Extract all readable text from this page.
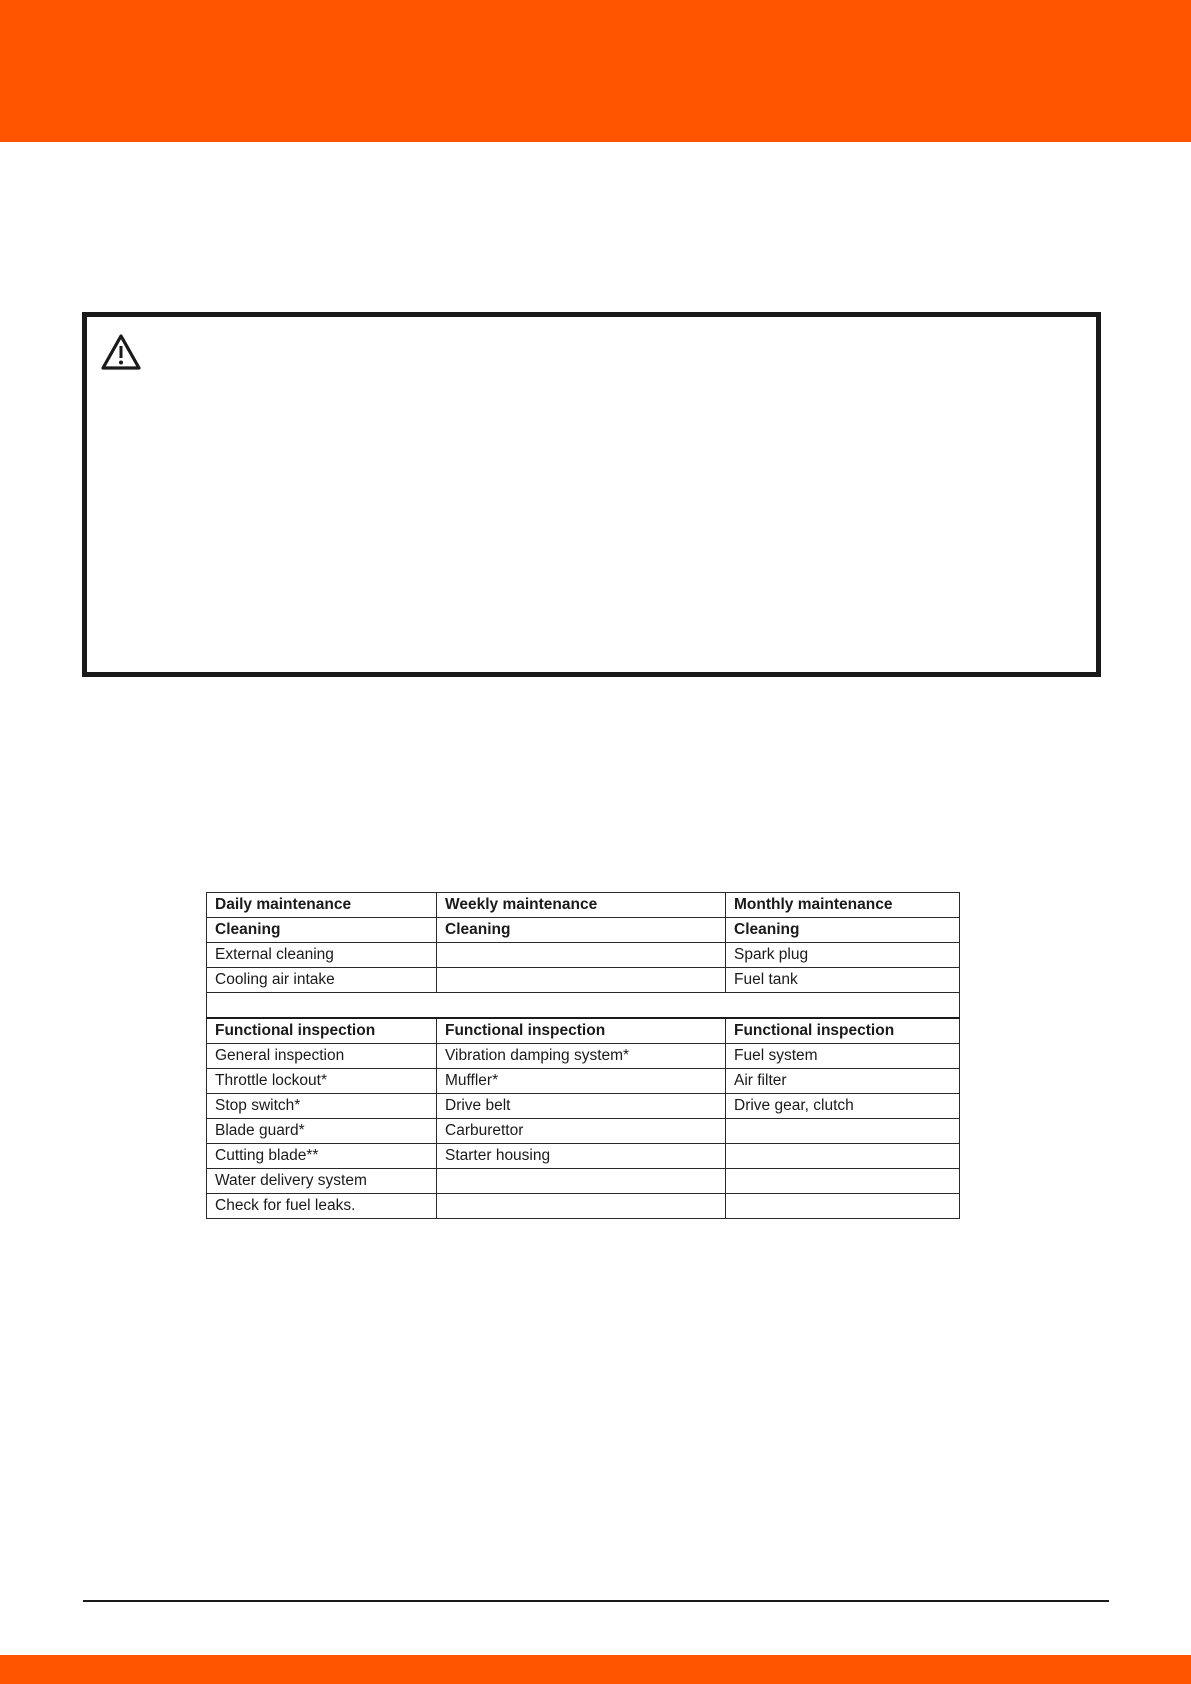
Daily maintenance	Weekly maintenance	Monthly maintenance
Cleaning	Cleaning	Cleaning
External cleaning		Spark plug
Cooling air intake		Fuel tank

Functional inspection	Functional inspection	Functional inspection
General inspection	Vibration damping system*	Fuel system
Throttle lockout*	Muffler*	Air filter
Stop switch*	Drive belt	Drive gear, clutch
Blade guard*	Carburettor	
Cutting blade**	Starter housing	
Water delivery system		
Check for fuel leaks.		
